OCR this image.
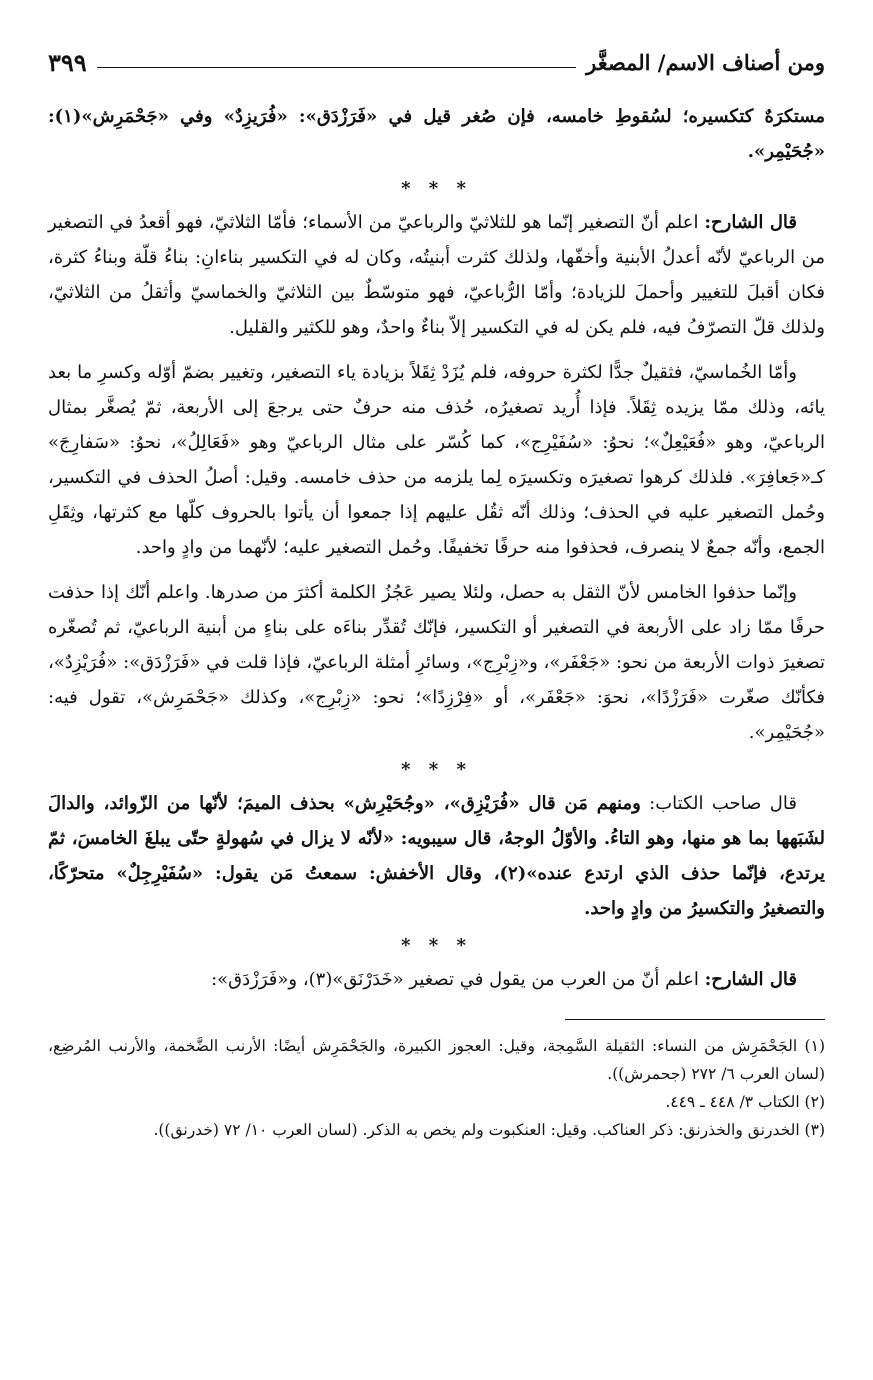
ومن أصناف الاسم/ المصغَّر
٣٩٩

مستكرَهٌ كتكسيره؛ لسُقوطِ خامسه، فإن صُغر قيل في «فَرَزْدَق»: «فُرَيزِدٌ» وفي «جَحْمَرِش»(١): «جُحَيْمِر».

* * *

قال الشارح: اعلم أنّ التصغير إنّما هو للثلاثيّ والرباعيّ من الأسماء؛ فأمّا الثلاثيّ، فهو أقعدُ في التصغير من الرباعيّ لأنّه أعدلُ الأبنية وأخفّها، ولذلك كثرت أبنيتُه، وكان له في التكسير بناءانِ: بناءُ قلّة وبناءُ كثرة، فكان أقبلَ للتغيير وأحملَ للزيادة؛ وأمّا الرُّباعيّ، فهو متوسّطٌ بين الثلاثيّ والخماسيّ وأثقلُ من الثلاثيّ، ولذلك قلّ التصرّفُ فيه، فلم يكن له في التكسير إلاّ بناءٌ واحدٌ، وهو للكثير والقليل.

وأمّا الخُماسيّ، فثقيلٌ جدًّا لكثرة حروفه، فلم يُزَدْ ثِقَلاً بزيادة ياء التصغير، وتغيير بضمّ أوّله وكسرِ ما بعد يائه، وذلك ممّا يزيده ثِقَلاً. فإذا أُريد تصغيرُه، حُذف منه حرفٌ حتى يرجعَ إلى الأربعة، ثمّ يُصغَّر بمثال الرباعيّ، وهو «فُعَيْعِلٌ»؛ نحوُ: «سُفَيْرِج»، كما كُسّر على مثال الرباعيّ وهو «فَعَالِلُ»، نحوُ: «سَفارِجَ» كـ«جَعافِرَ». فلذلك كرهوا تصغيرَه وتكسيرَه لِما يلزمه من حذف خامسه. وقيل: أصلُ الحذف في التكسير، وحُمل التصغير عليه في الحذف؛ وذلك أنّه ثقُل عليهم إذا جمعوا أن يأتوا بالحروف كلّها مع كثرتها، وثِقَلِ الجمع، وأنّه جمعٌ لا ينصرف، فحذفوا منه حرفًا تخفيفًا. وحُمل التصغير عليه؛ لأنّهما من وادٍ واحد.

وإنّما حذفوا الخامس لأنّ الثقل به حصل، ولئلا يصير عَجُزُ الكلمة أكثرَ من صدرها. واعلم أنّك إذا حذفت حرفًا ممّا زاد على الأربعة في التصغير أو التكسير، فإنّك تُقدِّر بناءَه على بناءٍ من أبنية الرباعيّ، ثم تُصغّره تصغيرَ ذوات الأربعة من نحو: «جَعْفَر»، و«زِبْرِج»، وسائرِ أمثلة الرباعيّ، فإذا قلت في «فَرَزْدَق»: «فُرَيْزِدٌ»، فكأنّك صغّرت «فَرَزْدًا»، نحوَ: «جَعْفَر»، أو «فِرْزِدًا»؛ نحو: «زِبْرِج»، وكذلك «جَحْمَرِش»، تقول فيه: «جُحَيْمِر».

* * *

قال صاحب الكتاب: ومنهم مَن قال «فُرَيْزِق»، «وجُحَيْرِش» بحذف الميمَ؛ لأنّها من الزّوائد، والدالَ لشَبَهها بما هو منها، وهو التاءُ. والأوّلُ الوجهُ، قال سيبويه: «لأنّه لا يزال في سُهولةٍ حتّى يبلغَ الخامسَ، ثمّ يرتدع، فإنّما حذف الذي ارتدع عنده»(٢)، وقال الأخفش: سمعتُ مَن يقول: «سُفَيْرِجِلٌ» متحرّكًا، والتصغيرُ والتكسيرُ من وادٍ واحد.

* * *

قال الشارح: اعلم أنّ من العرب من يقول في تصغير «خَدَرْنَق»(٣)، و«فَرَزْدَق»:

(١) الجَحْمَرِش من النساء: الثقيلة السَّمِجة، وقيل: العجوز الكبيرة، والجَحْمَرِش أيضًا: الأرنب الضَّخمة، والأرنب المُرضِع، (لسان العرب ٦/ ٢٧٢ (جحمرش)).

(٢) الكتاب ٣/ ٤٤٨ ـ ٤٤٩.

(٣) الخدرنق والخذرنق: ذكر العناكب. وقيل: العنكبوت ولم يخص به الذكر. (لسان العرب ١٠/ ٧٢ (خدرنق)).
